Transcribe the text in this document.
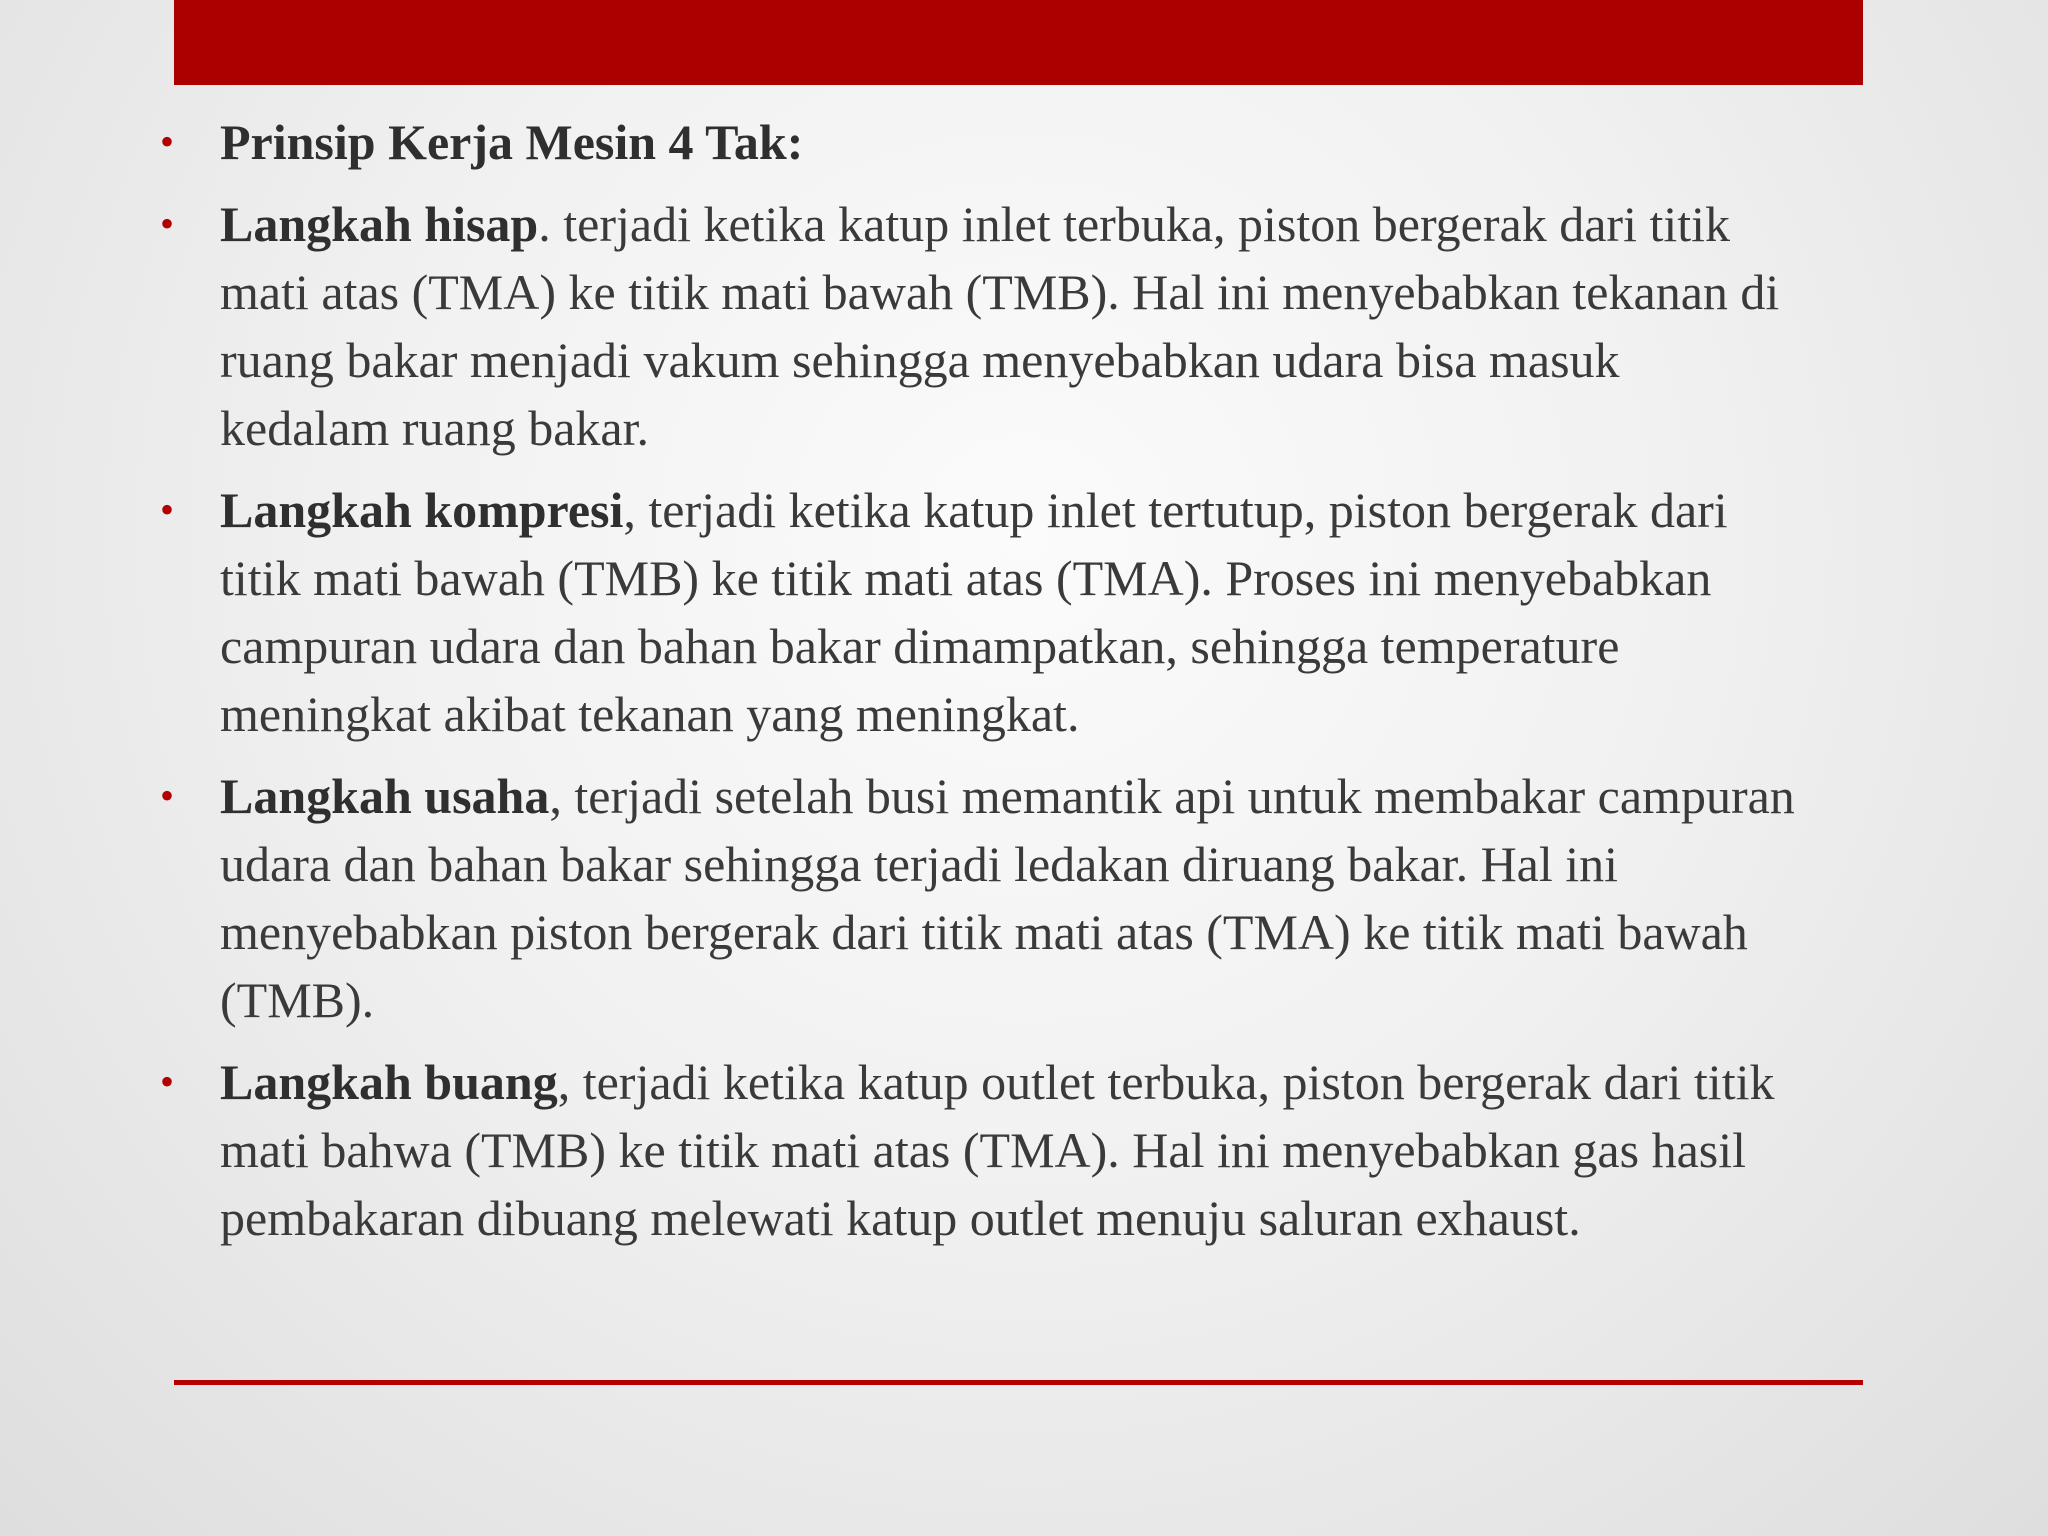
• Prinsip Kerja Mesin 4 Tak:
• Langkah hisap. terjadi ketika katup inlet terbuka, piston bergerak dari titik mati atas (TMA) ke titik mati bawah (TMB). Hal ini menyebabkan tekanan di ruang bakar menjadi vakum sehingga menyebabkan udara bisa masuk kedalam ruang bakar.
• Langkah kompresi, terjadi ketika katup inlet tertutup, piston bergerak dari titik mati bawah (TMB) ke titik mati atas (TMA). Proses ini menyebabkan campuran udara dan bahan bakar dimampatkan, sehingga temperature meningkat akibat tekanan yang meningkat.
• Langkah usaha, terjadi setelah busi memantik api untuk membakar campuran udara dan bahan bakar sehingga terjadi ledakan diruang bakar. Hal ini menyebabkan piston bergerak dari titik mati atas (TMA) ke titik mati bawah (TMB).
• Langkah buang, terjadi ketika katup outlet terbuka, piston bergerak dari titik mati bahwa (TMB) ke titik mati atas (TMA). Hal ini menyebabkan gas hasil pembakaran dibuang melewati katup outlet menuju saluran exhaust.
